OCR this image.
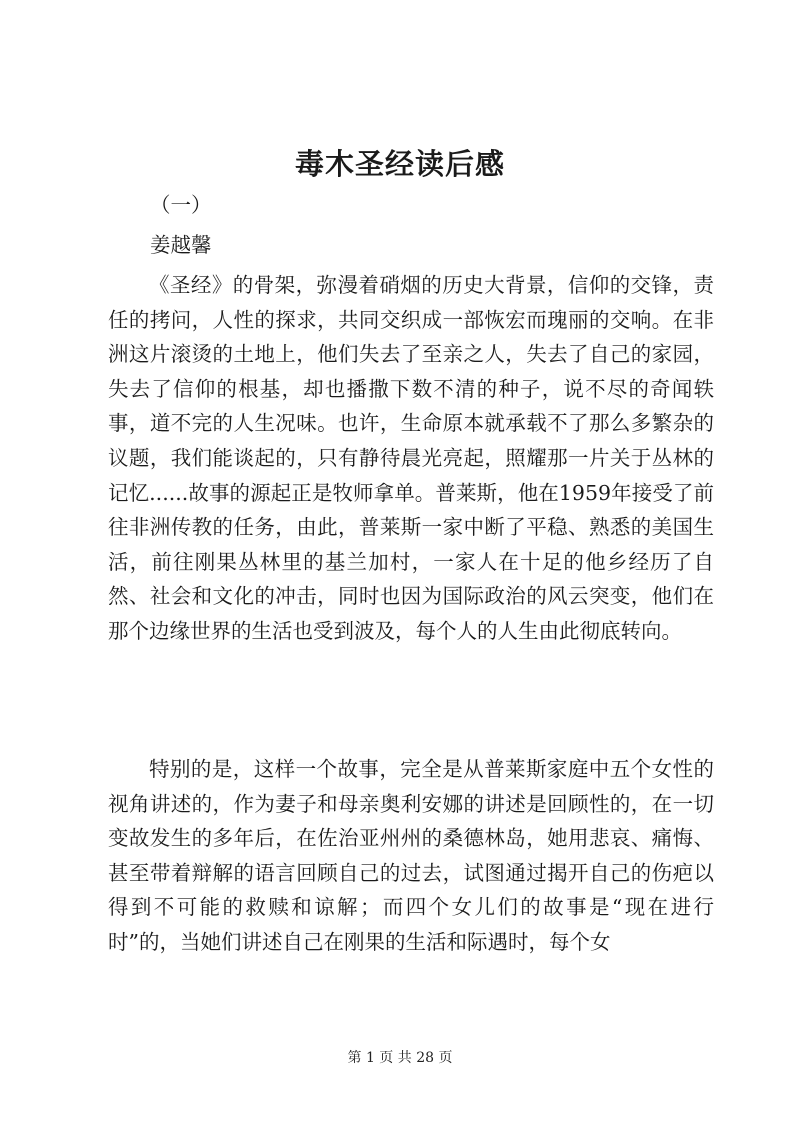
毒木圣经读后感

（一）

姜越馨

《圣经》的骨架，弥漫着硝烟的历史大背景，信仰的交锋，责任的拷问，人性的探求，共同交织成一部恢宏而瑰丽的交响。在非洲这片滚烫的土地上，他们失去了至亲之人，失去了自己的家园，失去了信仰的根基，却也播撒下数不清的种子，说不尽的奇闻轶事，道不完的人生况味。也许，生命原本就承载不了那么多繁杂的议题，我们能谈起的，只有静待晨光亮起，照耀那一片关于丛林的记忆......故事的源起正是牧师拿单。普莱斯，他在1959年接受了前往非洲传教的任务，由此，普莱斯一家中断了平稳、熟悉的美国生活，前往刚果丛林里的基兰加村，一家人在十足的他乡经历了自然、社会和文化的冲击，同时也因为国际政治的风云突变，他们在那个边缘世界的生活也受到波及，每个人的人生由此彻底转向。

特别的是，这样一个故事，完全是从普莱斯家庭中五个女性的视角讲述的，作为妻子和母亲奥利安娜的讲述是回顾性的，在一切变故发生的多年后，在佐治亚州州的桑德林岛，她用悲哀、痛悔、甚至带着辩解的语言回顾自己的过去，试图通过揭开自己的伤疤以得到不可能的救赎和谅解；而四个女儿们的故事是“现在进行时”的，当她们讲述自己在刚果的生活和际遇时，每个女

第 1 页 共 28 页
